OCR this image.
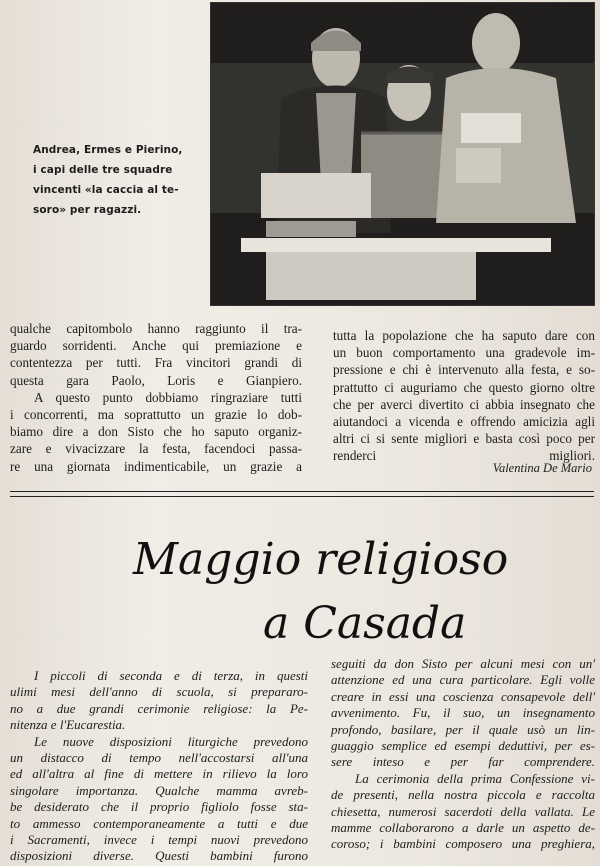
Andrea, Ermes e Pierino,
i capi delle tre squadre
vincenti «la caccia al te-
soro» per ragazzi.
qualche capitombolo hanno raggiunto il tra-
guardo sorridenti. Anche qui premiazione e
contentezza per tutti. Fra vincitori grandi di
questa gara Paolo, Loris e Gianpiero.
A questo punto dobbiamo ringraziare tutti
i concorrenti, ma soprattutto un grazie lo dob-
biamo dire a don Sisto che ho saputo organiz-
zare e vivacizzare la festa, facendoci passa-
re una giornata indimenticabile, un grazie a
tutta la popolazione che ha saputo dare con
un buon comportamento una gradevole im-
pressione e chi è intervenuto alla festa, e so-
prattutto ci auguriamo che questo giorno oltre
che per averci divertito ci abbia insegnato che
aiutandoci a vicenda e offrendo amicizia agli
altri ci si sente migliori e basta così poco per
renderci migliori.
Valentina De Mario
Maggio religioso
a Casada
I piccoli di seconda e di terza, in questi
ulimi mesi dell'anno di scuola, si prepararo-
no a due grandi cerimonie religiose: la Pe-
nitenza e l'Eucarestia.
Le nuove disposizioni liturgiche prevedono
un distacco di tempo nell'accostarsi all'una
ed all'altra al fine di mettere in rilievo la loro
singolare importanza. Qualche mamma avreb-
be desiderato che il proprio figliolo fosse sta-
to ammesso contemporaneamente a tutti e due
i Sacramenti, invece i tempi nuovi prevedono
disposizioni diverse. Questi bambini furono
seguiti da don Sisto per alcuni mesi con un'
attenzione ed una cura particolare. Egli volle
creare in essi una coscienza consapevole dell'
avvenimento. Fu, il suo, un insegnamento
profondo, basilare, per il quale usò un lin-
guaggio semplice ed esempi deduttivi, per es-
sere inteso e per far comprendere.
La cerimonia della prima Confessione vi-
de presenti, nella nostra piccola e raccolta
chiesetta, numerosi sacerdoti della vallata. Le
mamme collaborarono a darle un aspetto de-
coroso; i bambini composero una preghiera,
